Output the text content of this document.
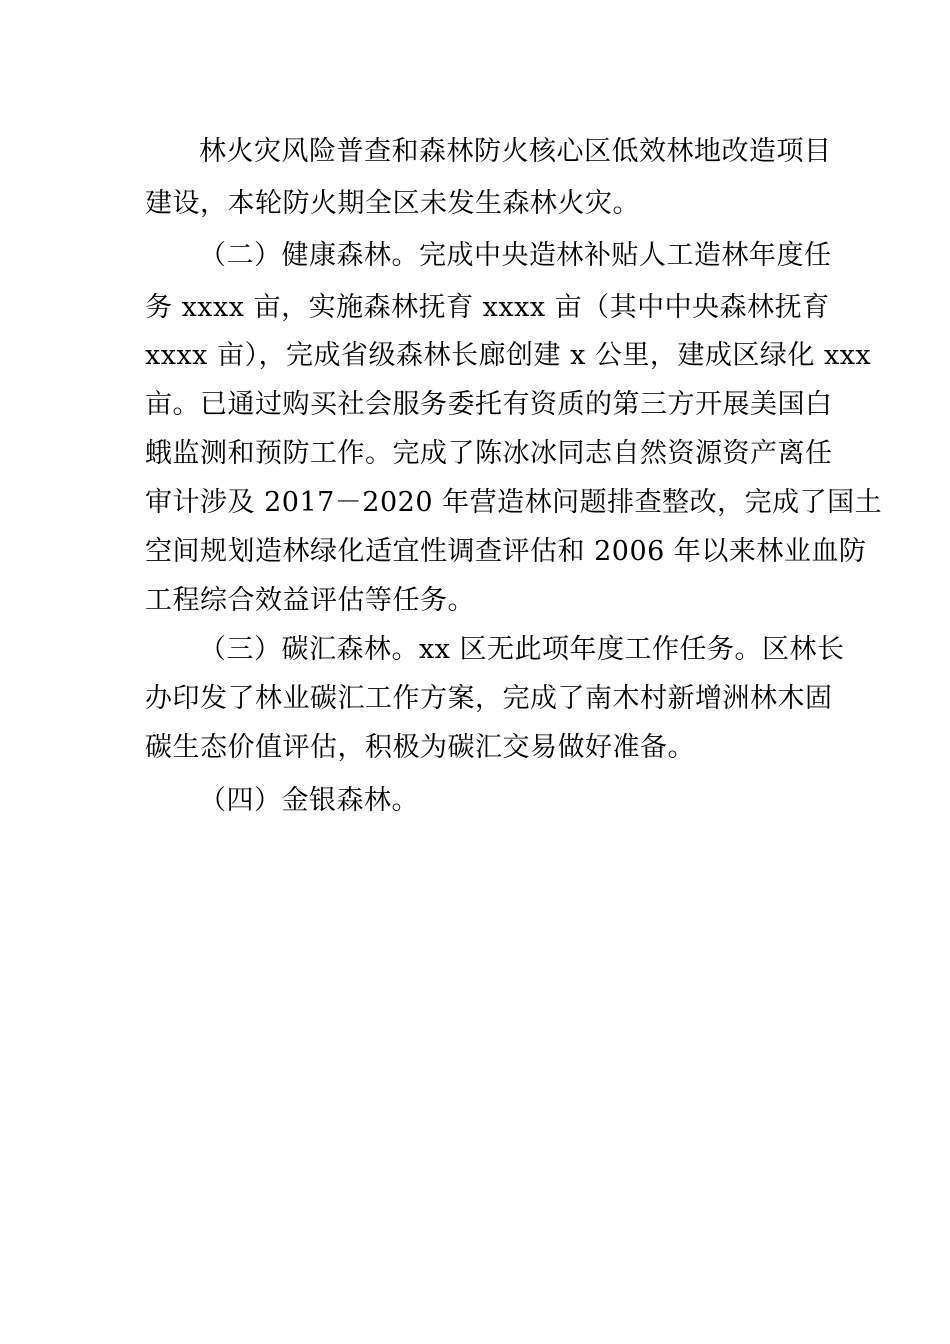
林火灾风险普查和森林防火核心区低效林地改造项目
建设，本轮防火期全区未发生森林火灾。
（二）健康森林。完成中央造林补贴人工造林年度任
务 xxxx 亩，实施森林抚育 xxxx 亩（其中中央森林抚育
xxxx 亩），完成省级森林长廊创建 x 公里，建成区绿化 xxx
亩。已通过购买社会服务委托有资质的第三方开展美国白
蛾监测和预防工作。完成了陈冰冰同志自然资源资产离任
审计涉及 2017－2020 年营造林问题排查整改，完成了国土
空间规划造林绿化适宜性调查评估和 2006 年以来林业血防
工程综合效益评估等任务。
（三）碳汇森林。xx 区无此项年度工作任务。区林长
办印发了林业碳汇工作方案，完成了南木村新增洲林木固
碳生态价值评估，积极为碳汇交易做好准备。
（四）金银森林。
